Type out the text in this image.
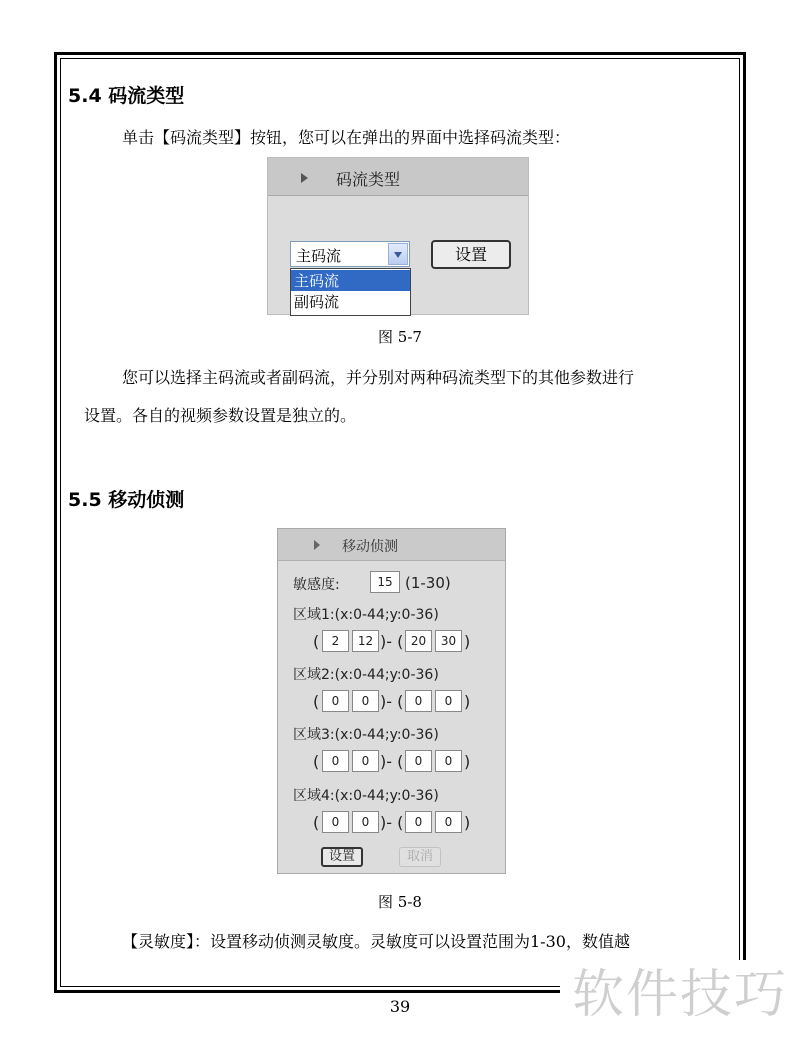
5.4 码流类型

单击【码流类型】按钮，您可以在弹出的界面中选择码流类型：

码流类型
主码流
主码流
副码流
设置
图 5-7

您可以选择主码流或者副码流，并分别对两种码流类型下的其他参数进行

设置。各自的视频参数设置是独立的。

5.5 移动侦测
移动侦测
敏感度:	15 (1-30)
区域1:(x:0-44;y:0-36)
(	2	12 )- ( 20	30 )
区域2:(x:0-44;y:0-36)
(	0	0 )- ( 0	0 )
区域3:(x:0-44;y:0-36)
(	0	0 )- ( 0	0 )
区域4:(x:0-44;y:0-36)
(	0	0 )- ( 0	0 )
设置	取消
图 5-8

【灵敏度】：设置移动侦测灵敏度。灵敏度可以设置范围为1-30，数值越

39	软件技巧
